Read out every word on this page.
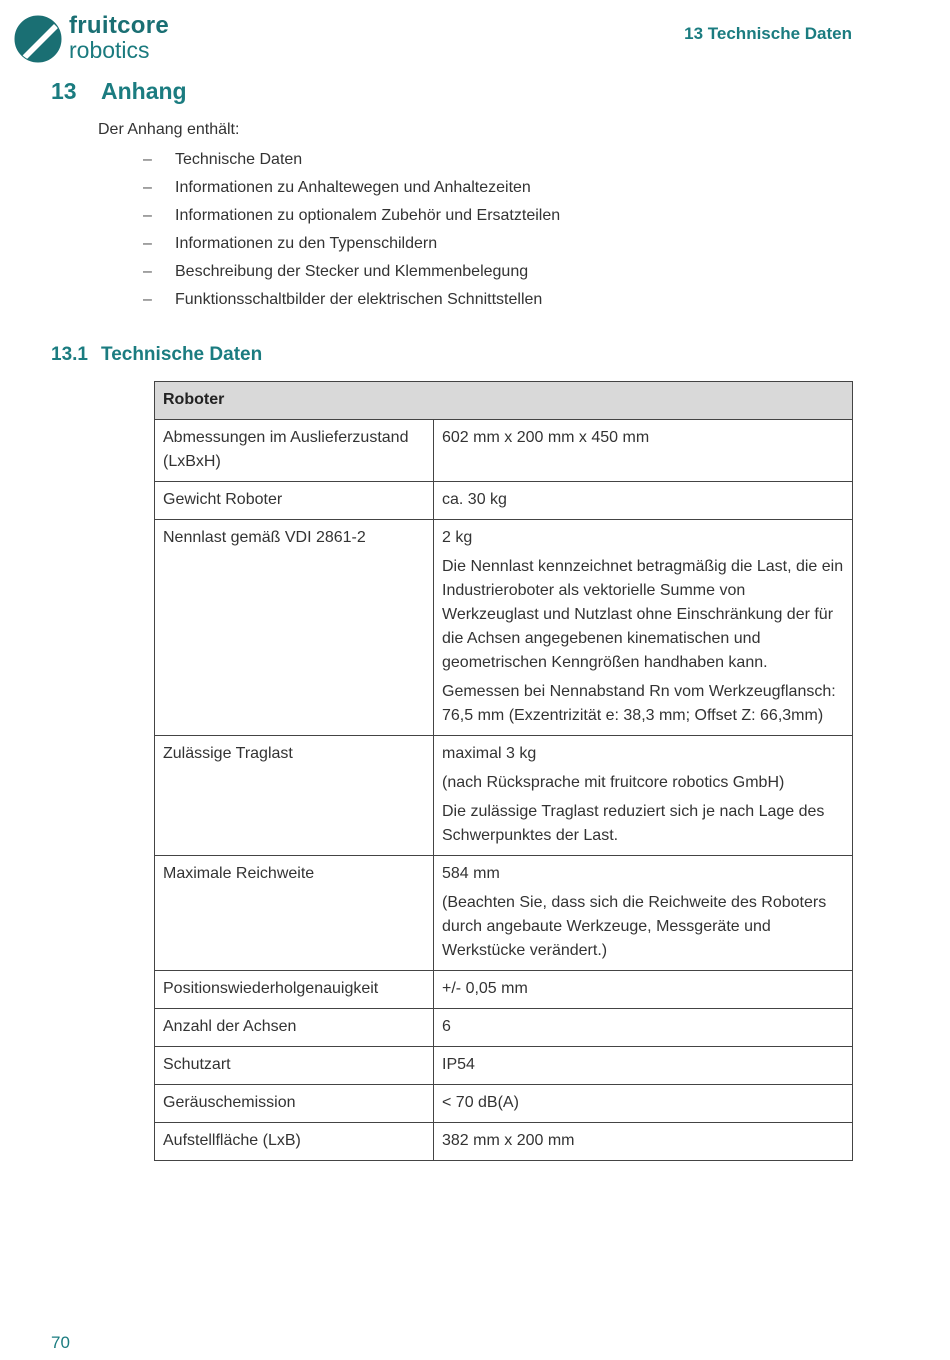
fruitcore
robotics
13 Technische Daten
13 Anhang
Der Anhang enthält:
– Technische Daten
– Informationen zu Anhaltewegen und Anhaltezeiten
– Informationen zu optionalem Zubehör und Ersatzteilen
– Informationen zu den Typenschildern
– Beschreibung der Stecker und Klemmenbelegung
– Funktionsschaltbilder der elektrischen Schnittstellen
13.1 Technische Daten
Roboter	
Abmessungen im Auslieferzustand (LxBxH)	602 mm x 200 mm x 450 mm

Gewicht Roboter	ca. 30 kg

Nennlast gemäß VDI 2861-2	2 kg

Die Nennlast kennzeichnet betragmäßig die Last, die ein Industrieroboter als vektorielle Summe von Werkzeuglast und Nutzlast ohne Einschränkung der für die Achsen angegebenen kinematischen und geometrischen Kenngrößen handhaben kann.

Gemessen bei Nennabstand Rn vom Werkzeugflansch: 76,5 mm (Exzentrizität e: 38,3 mm; Offset Z: 66,3mm)

Zulässige Traglast	maximal 3 kg

(nach Rücksprache mit fruitcore robotics GmbH)

Die zulässige Traglast reduziert sich je nach Lage des Schwerpunktes der Last.

Maximale Reichweite	584 mm

(Beachten Sie, dass sich die Reichweite des Roboters durch angebaute Werkzeuge, Messgeräte und Werkstücke verändert.)

Positionswiederholgenauigkeit	+/- 0,05 mm

Anzahl der Achsen	6

Schutzart	IP54

Geräuschemission	< 70 dB(A)

Aufstellfläche (LxB)	382 mm x 200 mm

70
